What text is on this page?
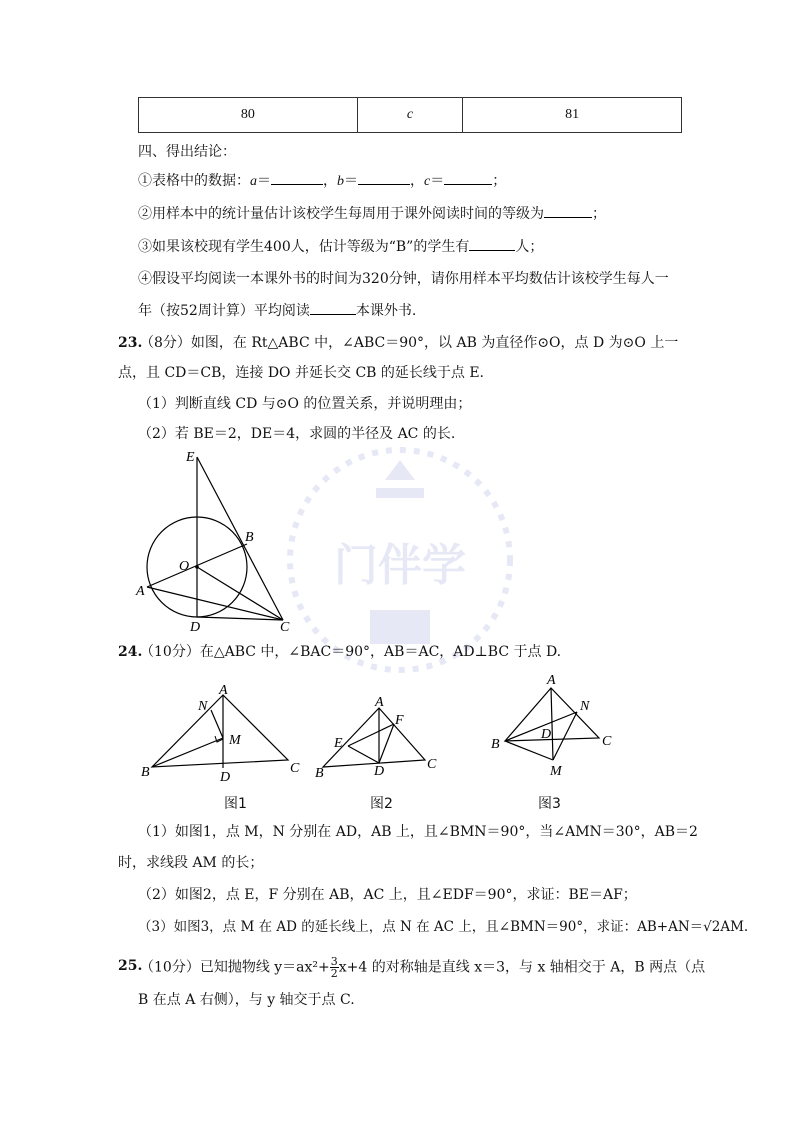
门伴学
80	c	81
四、得出结论：
①表格中的数据：a＝	，b＝	，c＝	；
②用样本中的统计量估计该校学生每周用于课外阅读时间的等级为	；
③如果该校现有学生400人，估计等级为“B”的学生有	人；
④假设平均阅读一本课外书的时间为320分钟，请你用样本平均数估计该校学生每人一
年（按52周计算）平均阅读	本课外书.
23.
（8分）如图，在 Rt△ABC 中，∠ABC＝90°，以 AB 为直径作⊙O，点 D 为⊙O 上一
点，且 CD＝CB，连接 DO 并延长交 CB 的延长线于点 E.
（1）判断直线 CD 与⊙O 的位置关系，并说明理由；
（2）若 BE＝2，DE＝4，求圆的半径及 AC 的长.
E
B
O
A
D	C
24.
（10分）在△ABC 中，∠BAC＝90°，AB＝AC，AD⊥BC 于点 D.
A
N
M
B	D
C
图1
A
F
E
B	D	C
图2
A
N
B
D	C
M
图3
（1）如图1，点 M，N 分别在 AD，AB 上，且∠BMN＝90°，当∠AMN＝30°，AB＝2
时，求线段 AM 的长；
（2）如图2，点 E，F 分别在 AB，AC 上，且∠EDF＝90°，求证：BE＝AF；
（3）如图3，点 M 在 AD 的延长线上，点 N 在 AC 上，且∠BMN＝90°，求证：AB+AN＝√2AM.
25.
（10分）已知抛物线 $y=ax^2+ \frac{3}{2} x+4$ 的对称轴是直线 x＝3，与 x 轴相交于 A，B 两点（点
B 在点 A 右侧），与 y 轴交于点 C.
